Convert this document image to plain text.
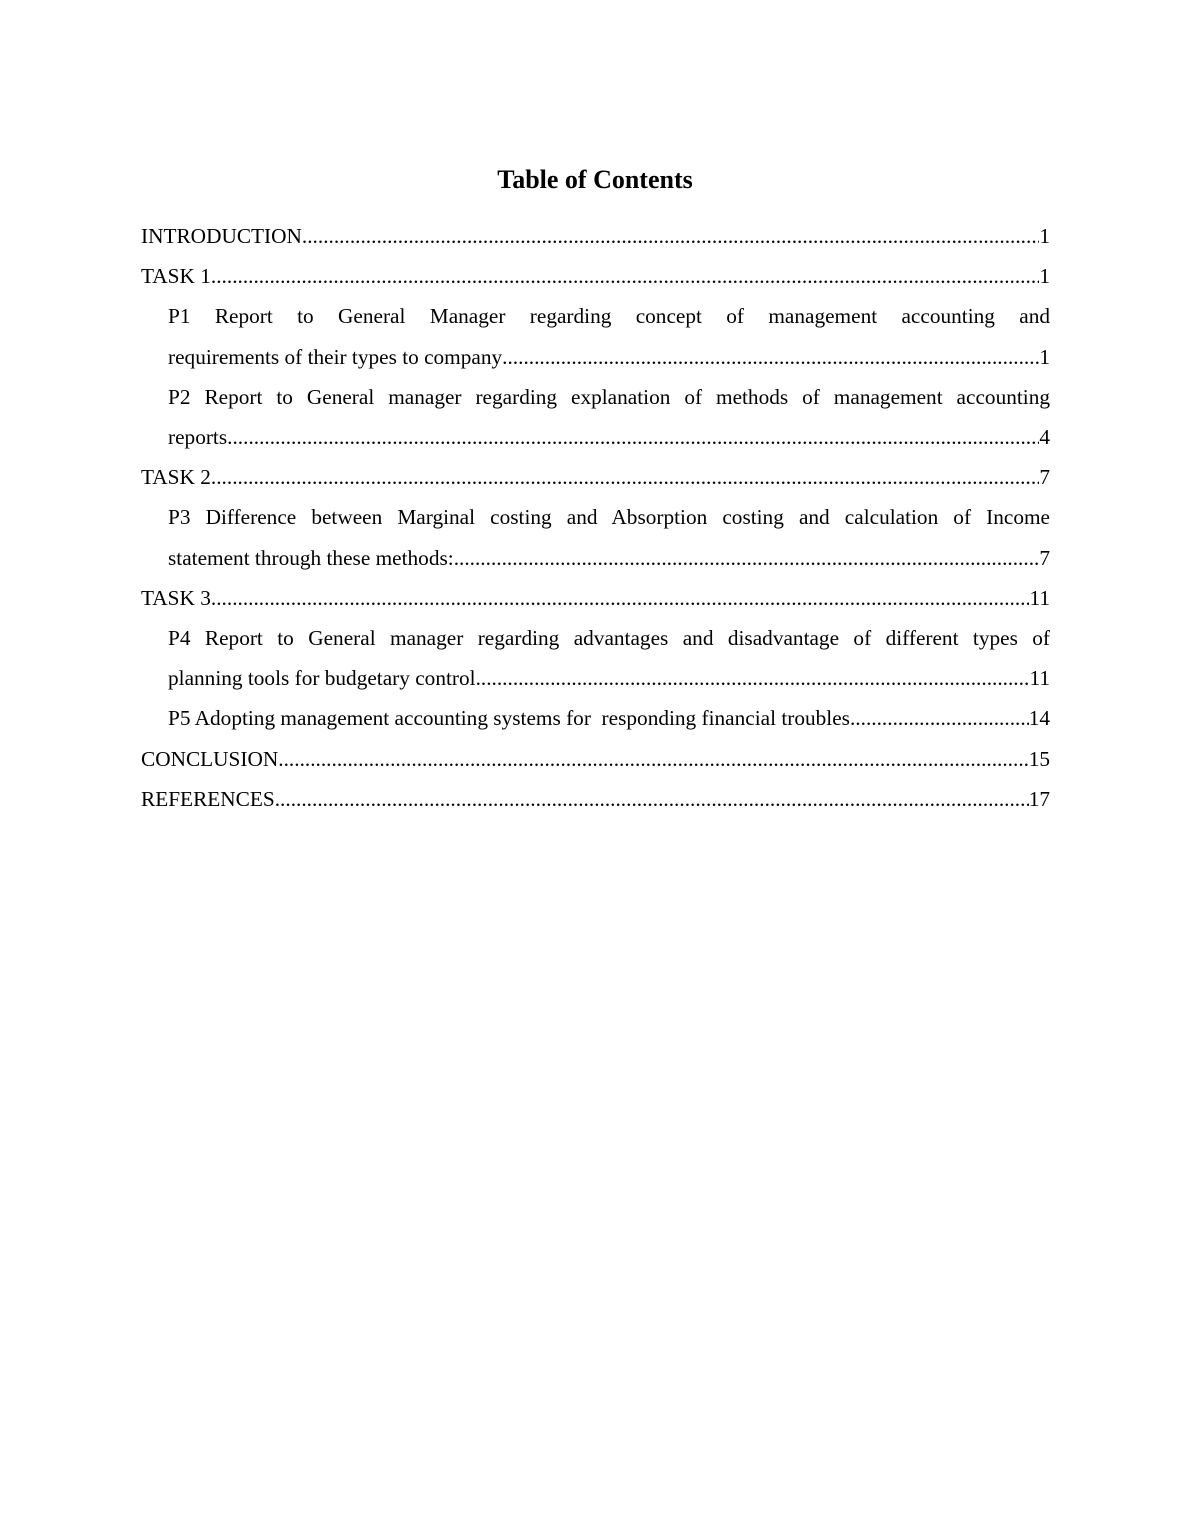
Table of Contents
INTRODUCTION .....	1
TASK 1 .....	1
P1 Report to General Manager regarding concept of management accounting and
requirements of their types to company .....	1
P2 Report to General manager regarding explanation of methods of management accounting
reports .....	4
TASK 2 .....	7
P3 Difference between Marginal costing and Absorption costing and calculation of Income
statement through these methods: .....	7
TASK 3 .....	11
P4 Report to General manager regarding advantages and disadvantage of different types of
planning tools for budgetary control .....	11
P5 Adopting management accounting systems for  responding financial troubles .....	14
CONCLUSION .....	15
REFERENCES .....	17
